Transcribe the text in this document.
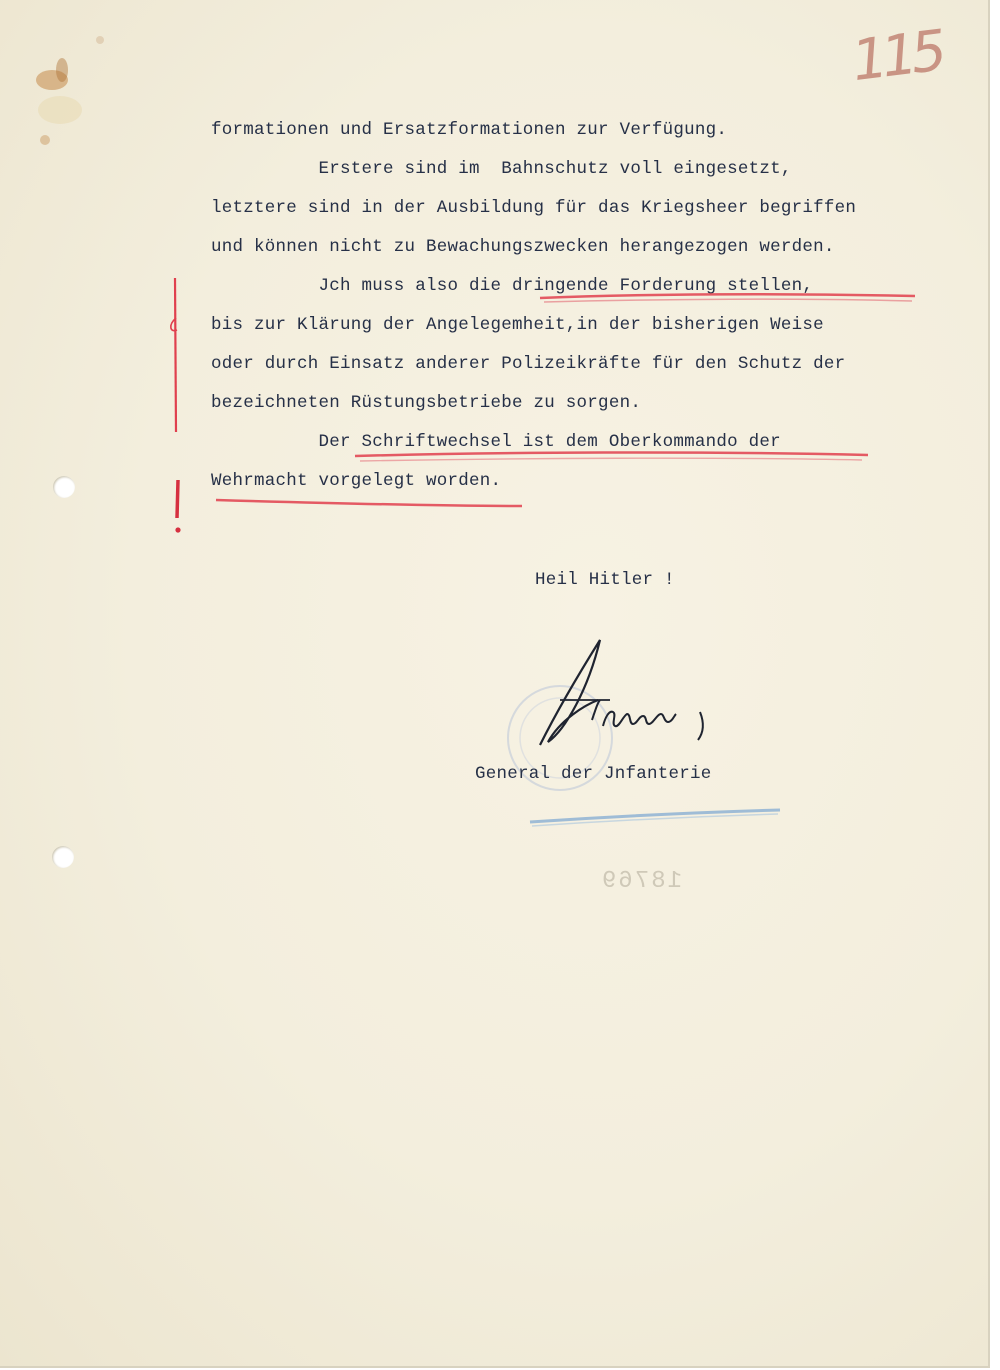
115

formationen und Ersatzformationen zur Verfügung.

Erstere sind im  Bahnschutz voll eingesetzt,

letztere sind in der Ausbildung für das Kriegsheer begriffen

und können nicht zu Bewachungszwecken herangezogen werden.

Jch muss also die dringende Forderung stellen,

bis zur Klärung der Angelegemheit,in der bisherigen Weise

oder durch Einsatz anderer Polizeikräfte für den Schutz der

bezeichneten Rüstungsbetriebe zu sorgen.

Der Schriftwechsel ist dem Oberkommando der

Wehrmacht vorgelegt worden.

Heil Hitler !

General der Jnfanterie

18769
